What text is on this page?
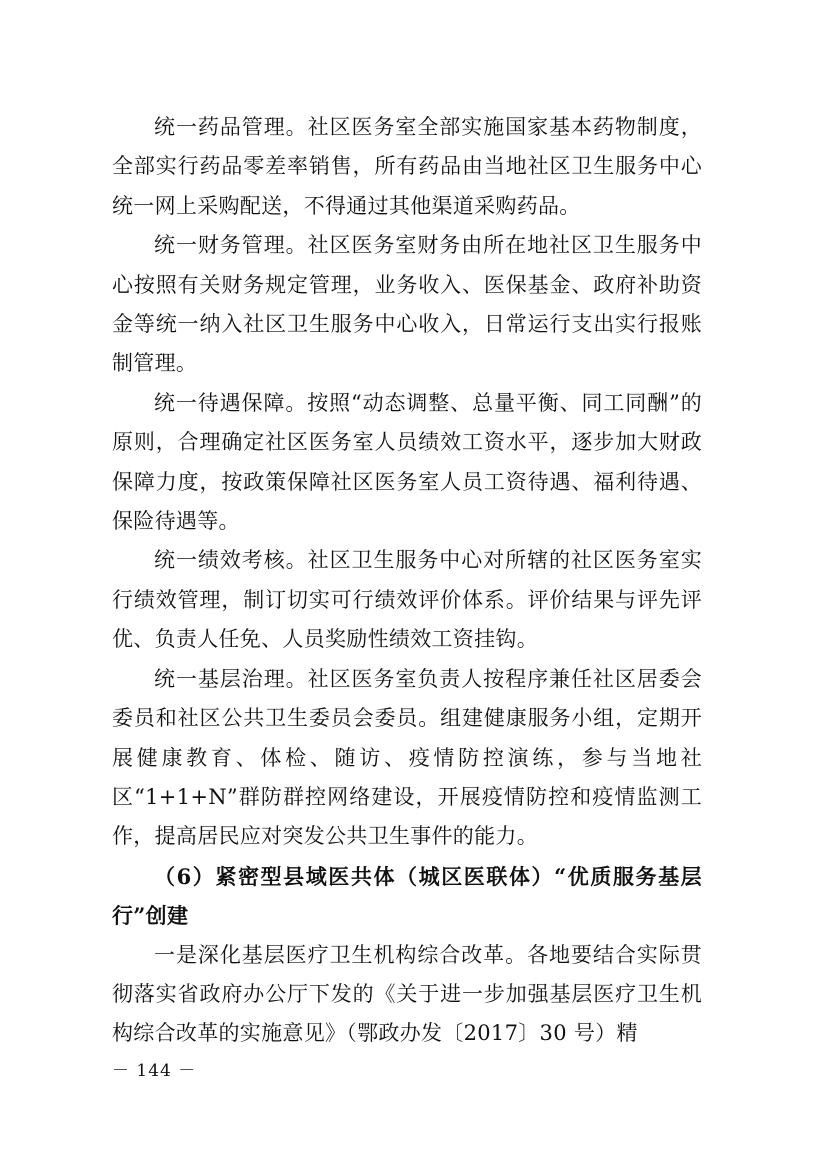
统一药品管理。社区医务室全部实施国家基本药物制度，全部实行药品零差率销售，所有药品由当地社区卫生服务中心统一网上采购配送，不得通过其他渠道采购药品。

统一财务管理。社区医务室财务由所在地社区卫生服务中心按照有关财务规定管理，业务收入、医保基金、政府补助资金等统一纳入社区卫生服务中心收入，日常运行支出实行报账制管理。

统一待遇保障。按照“动态调整、总量平衡、同工同酬”的原则，合理确定社区医务室人员绩效工资水平，逐步加大财政保障力度，按政策保障社区医务室人员工资待遇、福利待遇、保险待遇等。

统一绩效考核。社区卫生服务中心对所辖的社区医务室实行绩效管理，制订切实可行绩效评价体系。评价结果与评先评优、负责人任免、人员奖励性绩效工资挂钩。

统一基层治理。社区医务室负责人按程序兼任社区居委会委员和社区公共卫生委员会委员。组建健康服务小组，定期开展健康教育、体检、随访、疫情防控演练，参与当地社区“1+1+N”群防群控网络建设，开展疫情防控和疫情监测工作，提高居民应对突发公共卫生事件的能力。

（6）紧密型县域医共体（城区医联体）“优质服务基层行”创建

一是深化基层医疗卫生机构综合改革。各地要结合实际贯彻落实省政府办公厅下发的《关于进一步加强基层医疗卫生机构综合改革的实施意见》（鄂政办发〔2017〕30 号）精

－ 144 －
